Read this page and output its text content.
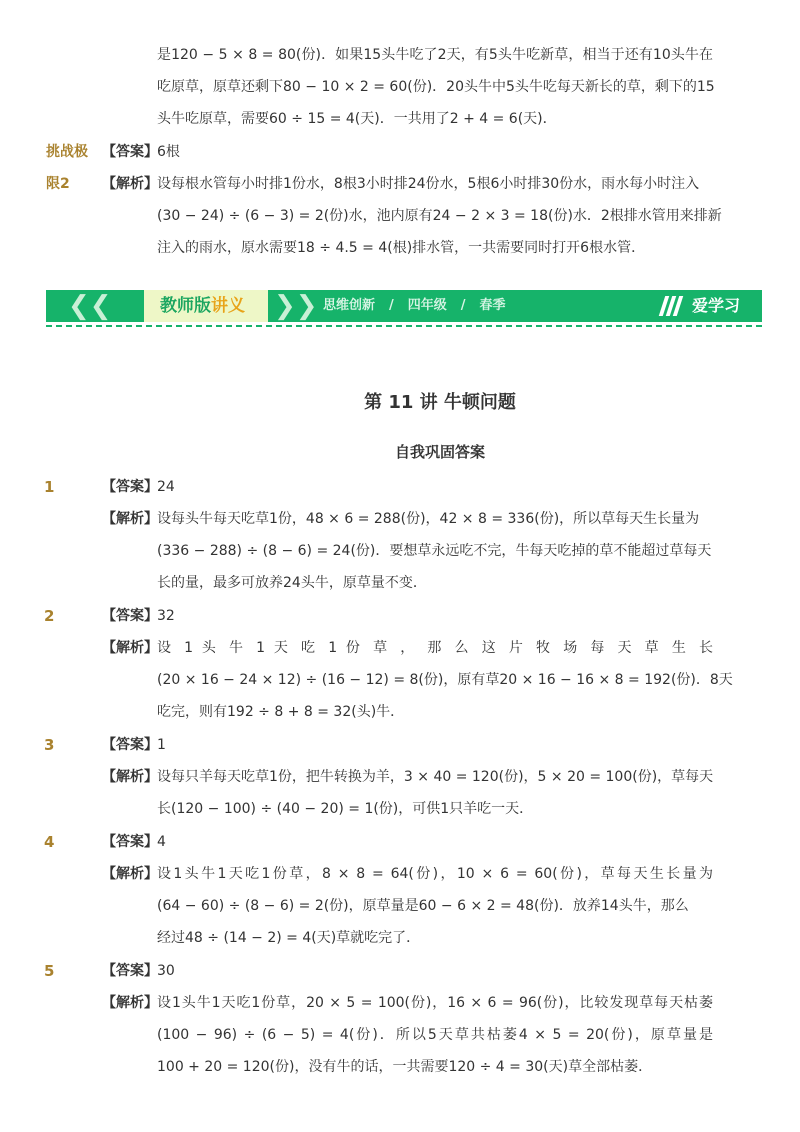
是120 − 5 × 8 = 80(份)．如果15头牛吃了2天，有5头牛吃新草，相当于还有10头牛在
吃原草，原草还剩下80 − 10 × 2 = 60(份)．20头牛中5头牛吃每天新长的草，剩下的15
头牛吃原草，需要60 ÷ 15 = 4(天)．一共用了2 + 4 = 6(天)．
挑战极 【答案】 6根
限2 【解析】 设每根水管每小时排1份水，8根3小时排24份水，5根6小时排30份水，雨水每小时注入
(30 − 24) ÷ (6 − 3) = 2(份)水，池内原有24 − 2 × 3 = 18(份)水．2根排水管用来排新
注入的雨水，原水需要18 ÷ 4.5 = 4(根)排水管，一共需要同时打开6根水管．
❮❮	教师版讲义 ❯❯ 思维创新 / 四年级 / 春季	爱学习
第 11 讲 牛顿问题
自我巩固答案
1	【答案】 24
【解析】 设每头牛每天吃草1份，48 × 6 = 288(份)，42 × 8 = 336(份)，所以草每天生长量为
(336 − 288) ÷ (8 − 6) = 24(份)．要想草永远吃不完，牛每天吃掉的草不能超过草每天
长的量，最多可放养24头牛，原草量不变．
2	【答案】 32
【解析】 设 1 头 牛 1 天 吃 1 份 草 ， 那 么 这 片 牧 场 每 天 草 生 长
(20 × 16 − 24 × 12) ÷ (16 − 12) = 8(份)，原有草20 × 16 − 16 × 8 = 192(份)．8天
吃完，则有192 ÷ 8 + 8 = 32(头)牛．
3	【答案】 1
【解析】 设每只羊每天吃草1份，把牛转换为羊，3 × 40 = 120(份)，5 × 20 = 100(份)，草每天
长(120 − 100) ÷ (40 − 20) = 1(份)，可供1只羊吃一天．
4	【答案】 4
【解析】 设1头牛1天吃1份草，8 × 8 = 64(份)，10 × 6 = 60(份)，草每天生长量为
(64 − 60) ÷ (8 − 6) = 2(份)，原草量是60 − 6 × 2 = 48(份)．放养14头牛，那么
经过48 ÷ (14 − 2) = 4(天)草就吃完了．
5	【答案】 30
【解析】 设1头牛1天吃1份草，20 × 5 = 100(份)，16 × 6 = 96(份)，比较发现草每天枯萎
(100 − 96) ÷ (6 − 5) = 4(份)．所以5天草共枯萎4 × 5 = 20(份)，原草量是
100 + 20 = 120(份)，没有牛的话，一共需要120 ÷ 4 = 30(天)草全部枯萎．
